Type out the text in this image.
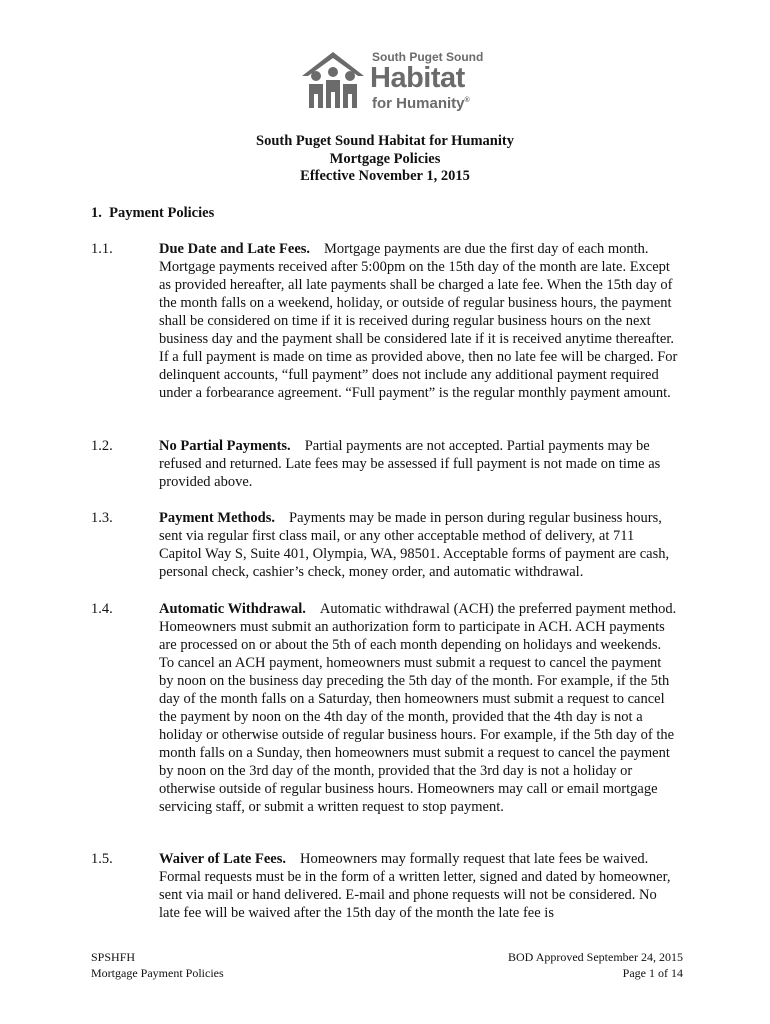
South Puget Sound
Habitat
for Humanity®
South Puget Sound Habitat for Humanity
Mortgage Policies
Effective November 1, 2015
1. Payment Policies
1.1.	Due Date and Late Fees. Mortgage payments are due the first day of each month. Mortgage payments received after 5:00pm on the 15th day of the month are late. Except as provided hereafter, all late payments shall be charged a late fee. When the 15th day of the month falls on a weekend, holiday, or outside of regular business hours, the payment shall be considered on time if it is received during regular business hours on the next business day and the payment shall be considered late if it is received anytime thereafter. If a full payment is made on time as provided above, then no late fee will be charged. For delinquent accounts, “full payment” does not include any additional payment required under a forbearance agreement. “Full payment” is the regular monthly payment amount.
1.2.	No Partial Payments. Partial payments are not accepted. Partial payments may be refused and returned. Late fees may be assessed if full payment is not made on time as provided above.
1.3.	Payment Methods. Payments may be made in person during regular business hours, sent via regular first class mail, or any other acceptable method of delivery, at 711 Capitol Way S, Suite 401, Olympia, WA, 98501. Acceptable forms of payment are cash, personal check, cashier’s check, money order, and automatic withdrawal.
1.4.	Automatic Withdrawal. Automatic withdrawal (ACH) the preferred payment method. Homeowners must submit an authorization form to participate in ACH. ACH payments are processed on or about the 5th of each month depending on holidays and weekends. To cancel an ACH payment, homeowners must submit a request to cancel the payment by noon on the business day preceding the 5th day of the month. For example, if the 5th day of the month falls on a Saturday, then homeowners must submit a request to cancel the payment by noon on the 4th day of the month, provided that the 4th day is not a holiday or otherwise outside of regular business hours. For example, if the 5th day of the month falls on a Sunday, then homeowners must submit a request to cancel the payment by noon on the 3rd day of the month, provided that the 3rd day is not a holiday or otherwise outside of regular business hours. Homeowners may call or email mortgage servicing staff, or submit a written request to stop payment.
1.5.	Waiver of Late Fees. Homeowners may formally request that late fees be waived. Formal requests must be in the form of a written letter, signed and dated by homeowner, sent via mail or hand delivered. E-mail and phone requests will not be considered. No late fee will be waived after the 15th day of the month the late fee is
SPSHFH
Mortgage Payment Policies
BOD Approved September 24, 2015
Page 1 of 14
